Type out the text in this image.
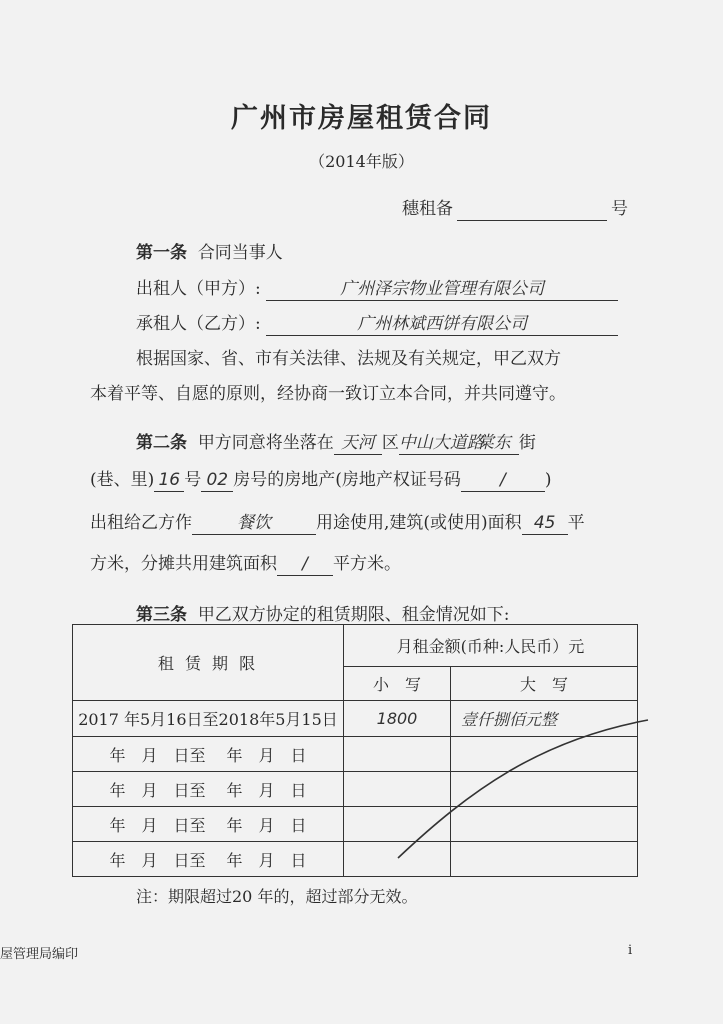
广州市房屋租赁合同
（2014年版）
穗租备	号
第一条 合同当事人
出租人（甲方）:	广州泽宗物业管理有限公司
承租人（乙方）:	广州林斌西饼有限公司
根据国家、省、市有关法律、法规及有关规定，甲乙双方
本着平等、自愿的原则，经协商一致订立本合同，并共同遵守。
第二条 甲方同意将坐落在 天河 区中山大道路棠东 街
(巷、里) 16 号 02 房号的房地产(房地产权证号码 / )
出租给乙方作	餐饮	用途使用,建筑(或使用)面积 45 平
方米，分摊共用建筑面积 / 平方米。
第三条 甲乙双方协定的租赁期限、租金情况如下:
租 赁 期 限	月租金额(币种:人民币）元	
	小　写	大　写
2017 年5月16日至2018年5月15日	1800	壹仟捌佰元整
年　月　日至　 年　月　日		
年　月　日至　 年　月　日		
年　月　日至　 年　月　日		
年　月　日至　 年　月　日		
注：期限超过20 年的，超过部分无效。
屋管理局编印	i
